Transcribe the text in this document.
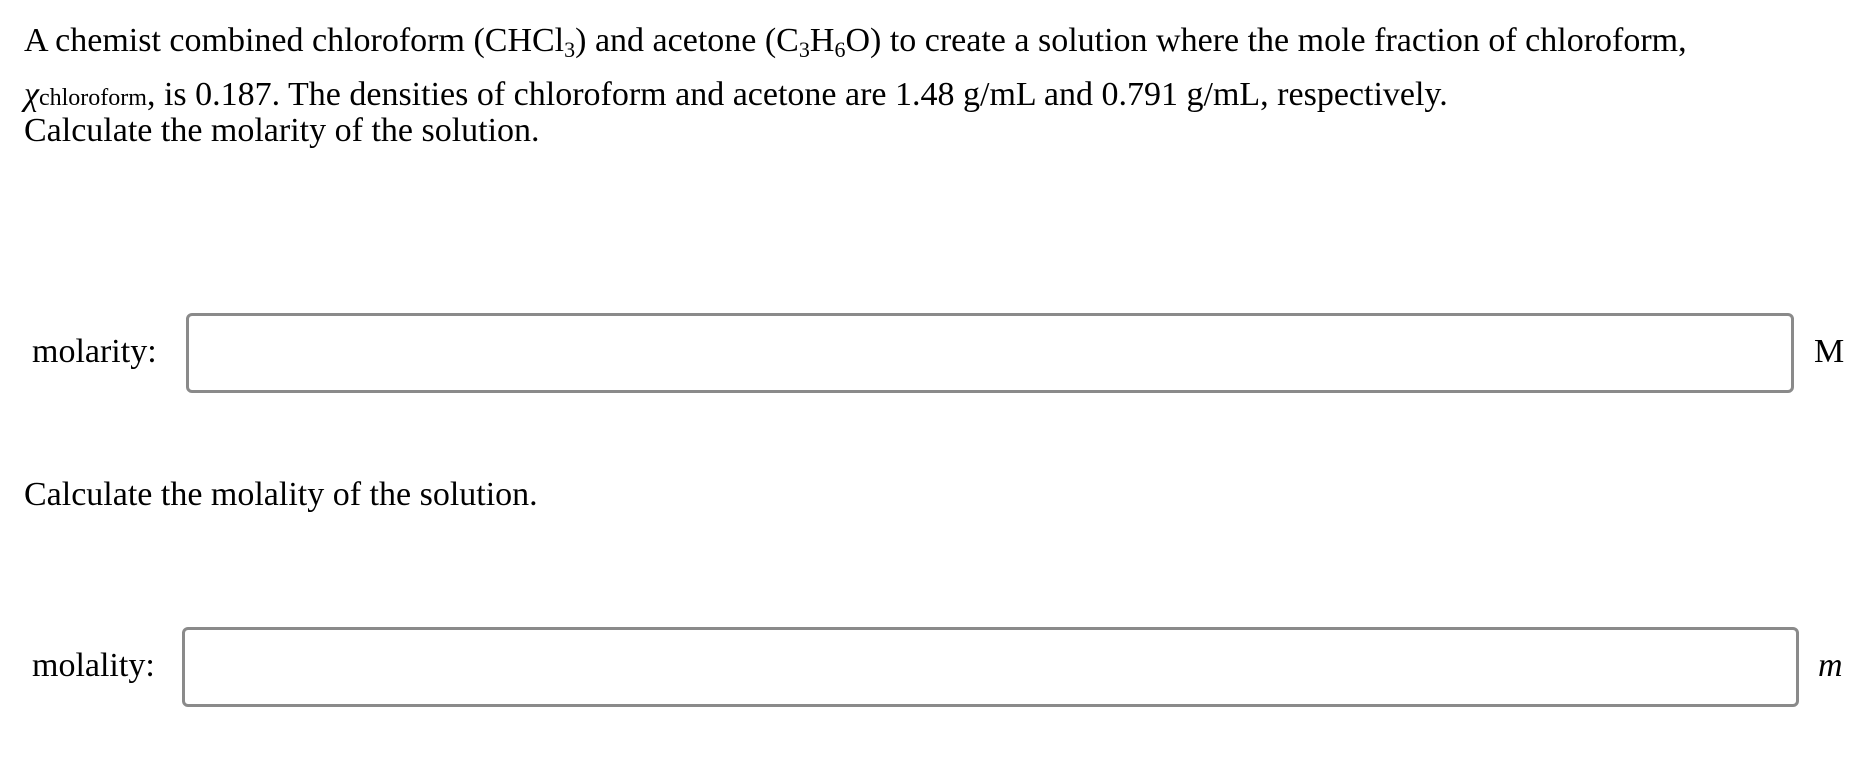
A chemist combined chloroform (CHCl$_3$) and acetone $(C_3H_6O)$ to create a solution where the mole fraction of chloroform,

χchloroform, is 0.187. The densities of chloroform and acetone are 1.48 g/mL and 0.791 g/mL, respectively.

Calculate the molarity of the solution.
molarity:	M
Calculate the molality of the solution.
molality:	m
